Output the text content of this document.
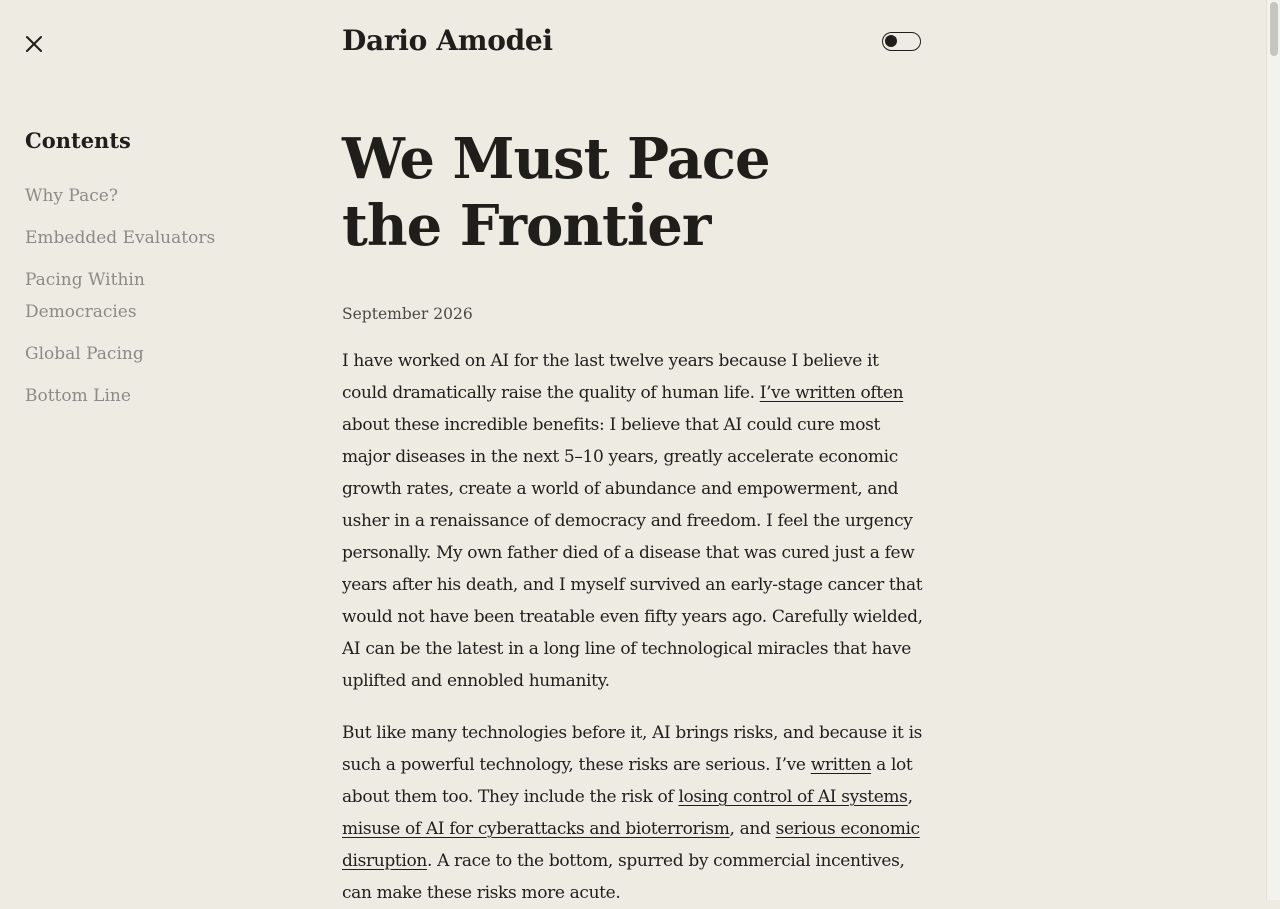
Dario Amodei
Contents
Why Pace?
Embedded Evaluators
Pacing Within Democracies
Global Pacing
Bottom Line
We Must Pace the Frontier
September 2026

I have worked on AI for the last twelve years because I believe it could dramatically raise the quality of human life. I’ve written often about these incredible benefits: I believe that AI could cure most major diseases in the next 5–10 years, greatly accelerate economic growth rates, create a world of abundance and empowerment, and usher in a renaissance of democracy and freedom. I feel the urgency personally. My own father died of a disease that was cured just a few years after his death, and I myself survived an early-stage cancer that would not have been treatable even fifty years ago. Carefully wielded, AI can be the latest in a long line of technological miracles that have uplifted and ennobled humanity.

But like many technologies before it, AI brings risks, and because it is such a powerful technology, these risks are serious. I’ve written a lot about them too. They include the risk of losing control of AI systems, misuse of AI for cyberattacks and bioterrorism, and serious economic disruption. A race to the bottom, spurred by commercial incentives, can make these risks more acute.
